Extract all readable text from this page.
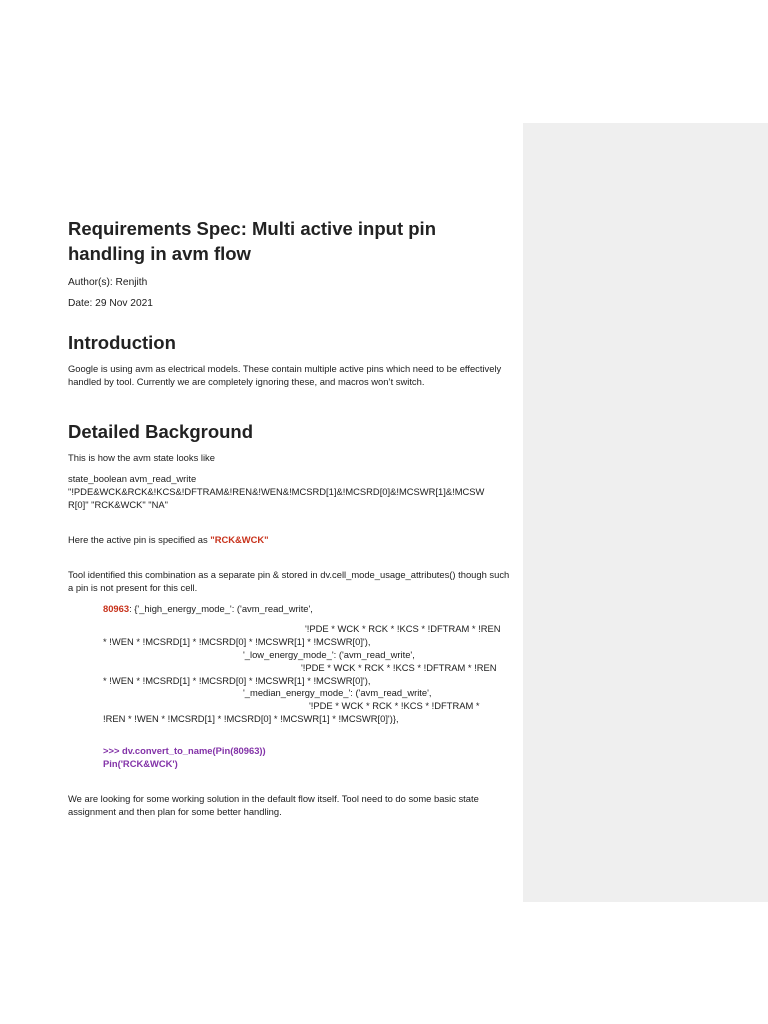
Requirements Spec: Multi active input pin handling in avm flow

Author(s): Renjith

Date: 29 Nov 2021

Introduction

Google is using avm as electrical models. These contain multiple active pins which need to be effectively handled by tool. Currently we are completely ignoring these, and macros won’t switch.

Detailed Background

This is how the avm state looks like

state_boolean avm_read_write

"!PDE&WCK&RCK&!KCS&!DFTRAM&!REN&!WEN&!MCSRD[1]&!MCSRD[0]&!MCSWR[1]&!MCSW

R[0]" "RCK&WCK" "NA"

Here the active pin is specified as "RCK&WCK"

Tool identified this combination as a separate pin & stored in dv.cell_mode_usage_attributes() though such a pin is not present for this cell.

80963: {'_high_energy_mode_': ('avm_read_write',
'!PDE * WCK * RCK * !KCS * !DFTRAM * !REN
* !WEN * !MCSRD[1] * !MCSRD[0] * !MCSWR[1] * !MCSWR[0]'),
'_low_energy_mode_': ('avm_read_write',
'!PDE * WCK * RCK * !KCS * !DFTRAM * !REN
* !WEN * !MCSRD[1] * !MCSRD[0] * !MCSWR[1] * !MCSWR[0]'),
'_median_energy_mode_': ('avm_read_write',
'!PDE * WCK * RCK * !KCS * !DFTRAM *
!REN * !WEN * !MCSRD[1] * !MCSRD[0] * !MCSWR[1] * !MCSWR[0]')},
>>> dv.convert_to_name(Pin(80963))
Pin('RCK&WCK')

We are looking for some working solution in the default flow itself. Tool need to do some basic state assignment and then plan for some better handling.
